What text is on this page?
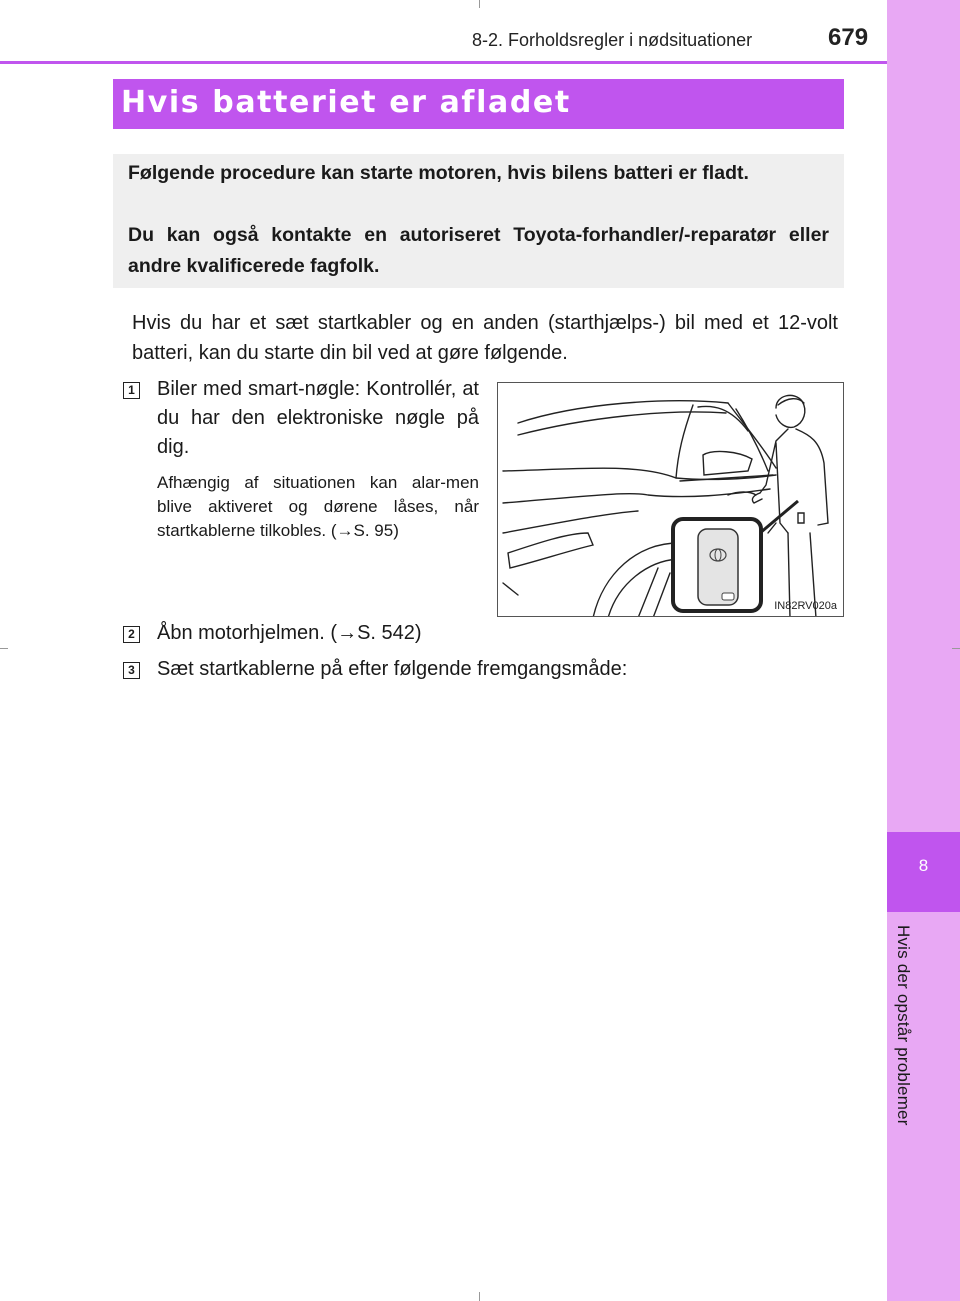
8
Hvis der opstår problemer
8-2. Forholdsregler i nødsituationer	679
Hvis batteriet er afladet

Følgende procedure kan starte motoren, hvis bilens batteri er fladt.

Du kan også kontakte en autoriseret Toyota-forhandler/-reparatør eller andre kvalificerede fagfolk.

Hvis du har et sæt startkabler og en anden (starthjælps-) bil med et 12-volt batteri, kan du starte din bil ved at gøre følgende.

1 Biler med smart-nøgle: Kontrollér, at du har den elektroniske nøgle på dig.

Afhængig af situationen kan alar-men blive aktiveret og dørene låses, når startkablerne tilkobles. (→S. 95)

IN82RV020a
2 Åbn motorhjelmen. (→S. 542)

3 Sæt startkablerne på efter følgende fremgangsmåde:
